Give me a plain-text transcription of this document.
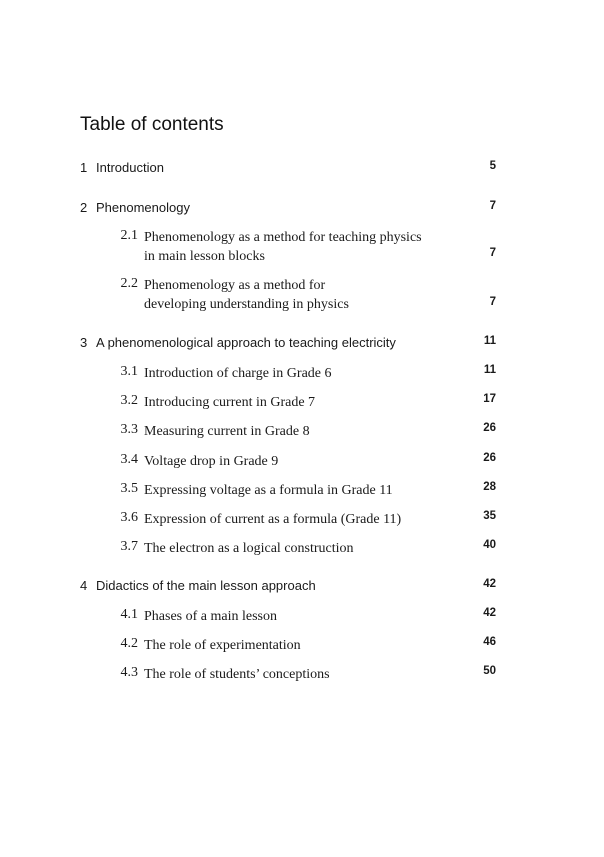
Table of contents
1 Introduction	5
2 Phenomenology	7
2.1 Phenomenology as a method for teaching physics
in main lesson blocks	7
2.2 Phenomenology as a method for
developing understanding in physics	7
3 A phenomenological approach to teaching electricity	11
3.1 Introduction of charge in Grade 6	11
3.2 Introducing current in Grade 7	17
3.3 Measuring current in Grade 8	26
3.4 Voltage drop in Grade 9	26
3.5 Expressing voltage as a formula in Grade 11	28
3.6 Expression of current as a formula (Grade 11)	35
3.7 The electron as a logical construction	40
4 Didactics of the main lesson approach	42
4.1 Phases of a main lesson	42
4.2 The role of experimentation	46
4.3 The role of students’ conceptions	50
